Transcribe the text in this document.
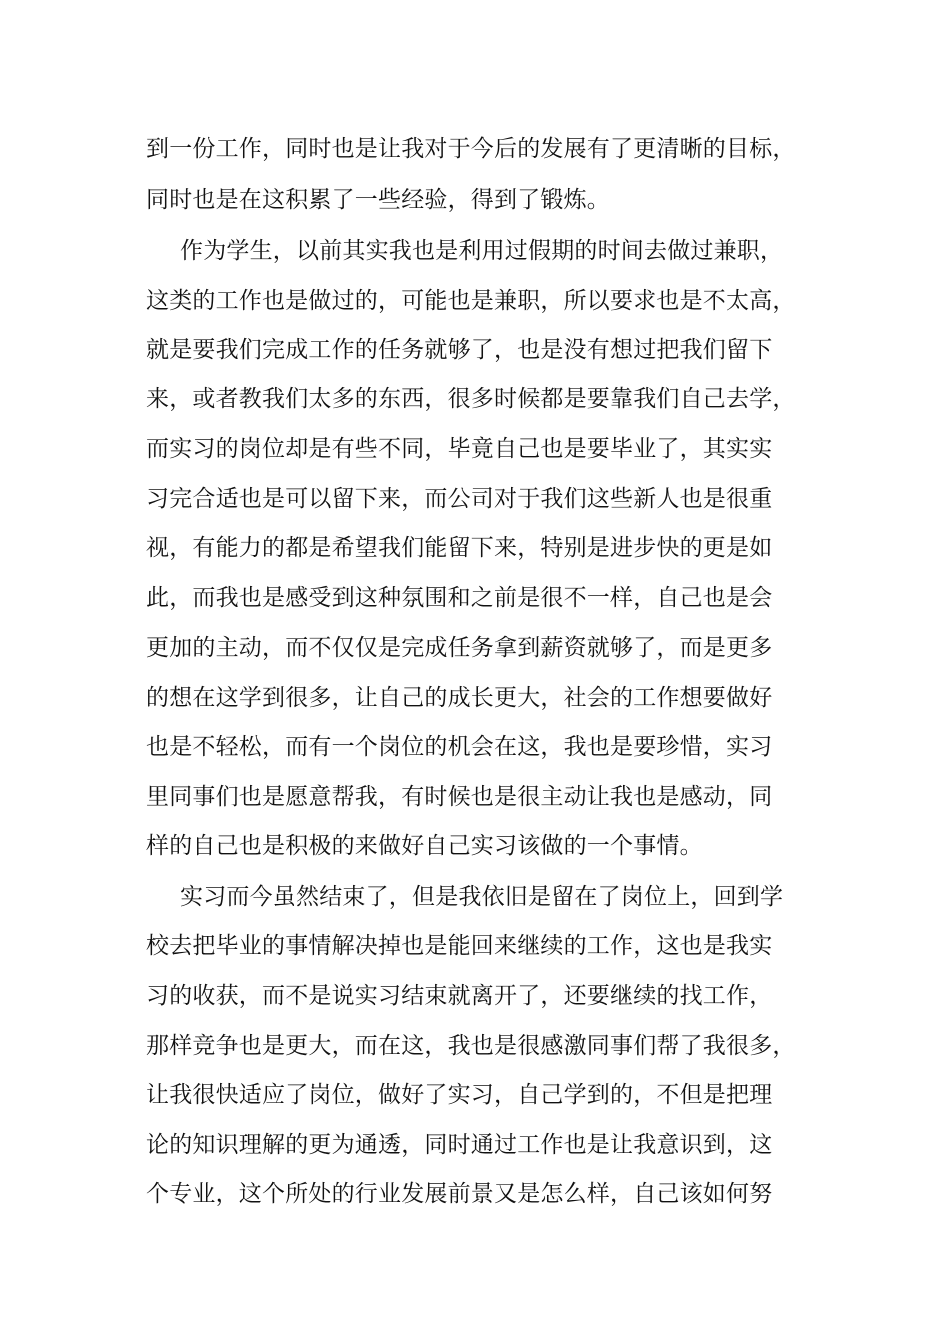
到一份工作，同时也是让我对于今后的发展有了更清晰的目标，
同时也是在这积累了一些经验，得到了锻炼。
作为学生，以前其实我也是利用过假期的时间去做过兼职，
这类的工作也是做过的，可能也是兼职，所以要求也是不太高，
就是要我们完成工作的任务就够了，也是没有想过把我们留下
来，或者教我们太多的东西，很多时候都是要靠我们自己去学，
而实习的岗位却是有些不同，毕竟自己也是要毕业了，其实实
习完合适也是可以留下来，而公司对于我们这些新人也是很重
视，有能力的都是希望我们能留下来，特别是进步快的更是如
此，而我也是感受到这种氛围和之前是很不一样，自己也是会
更加的主动，而不仅仅是完成任务拿到薪资就够了，而是更多
的想在这学到很多，让自己的成长更大，社会的工作想要做好
也是不轻松，而有一个岗位的机会在这，我也是要珍惜，实习
里同事们也是愿意帮我，有时候也是很主动让我也是感动，同
样的自己也是积极的来做好自己实习该做的一个事情。
实习而今虽然结束了，但是我依旧是留在了岗位上，回到学
校去把毕业的事情解决掉也是能回来继续的工作，这也是我实
习的收获，而不是说实习结束就离开了，还要继续的找工作，
那样竞争也是更大，而在这，我也是很感激同事们帮了我很多，
让我很快适应了岗位，做好了实习，自己学到的，不但是把理
论的知识理解的更为通透，同时通过工作也是让我意识到，这
个专业，这个所处的行业发展前景又是怎么样，自己该如何努
